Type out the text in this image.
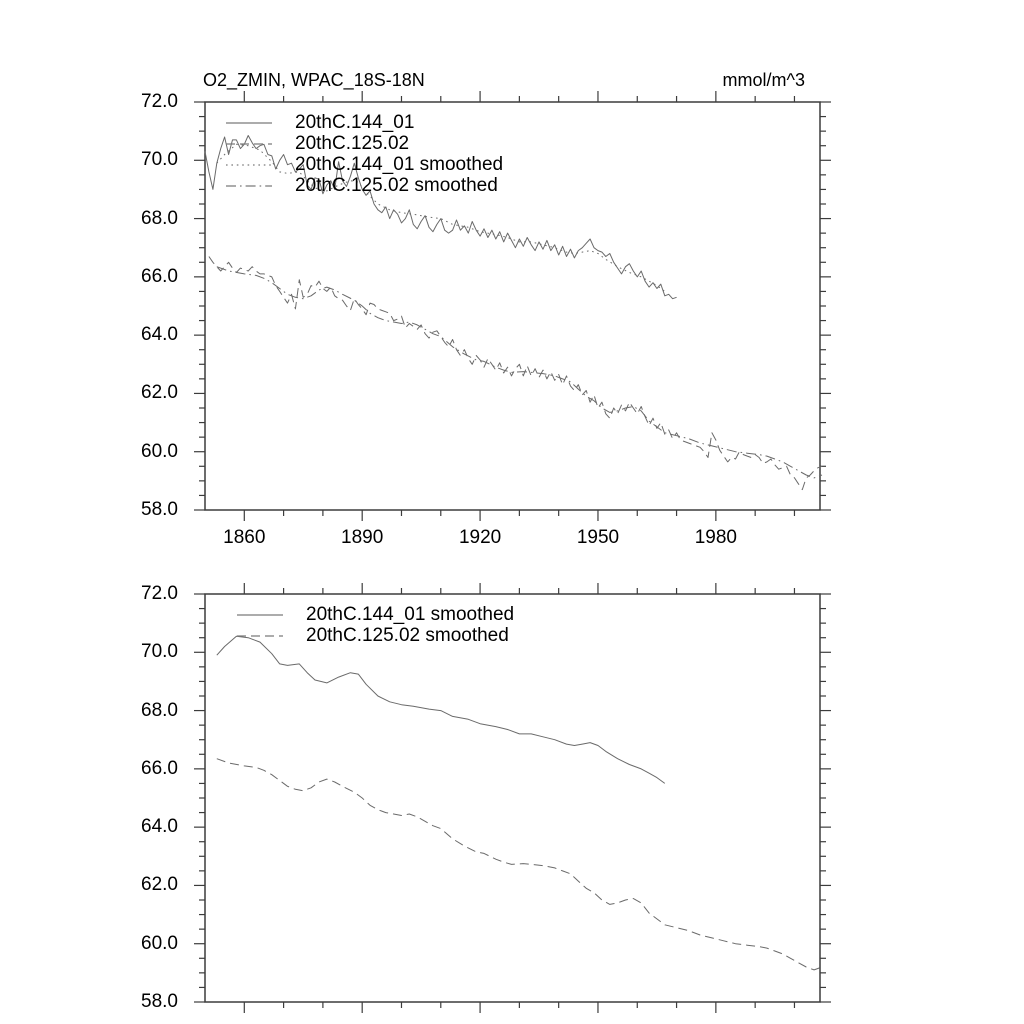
O2_ZMIN, WPAC_18S-18N	mmol/m^3
20thC.144_01
20thC.125.02
20thC.144_01 smoothed
20thC.125.02 smoothed
20thC.144_01 smoothed
20thC.125.02 smoothed
58.0
60.0
62.0
64.0
66.0
68.0
70.0
72.0
1860	1890	1920	1950	1980
58.0
60.0
62.0
64.0
66.0
68.0
70.0
72.0
